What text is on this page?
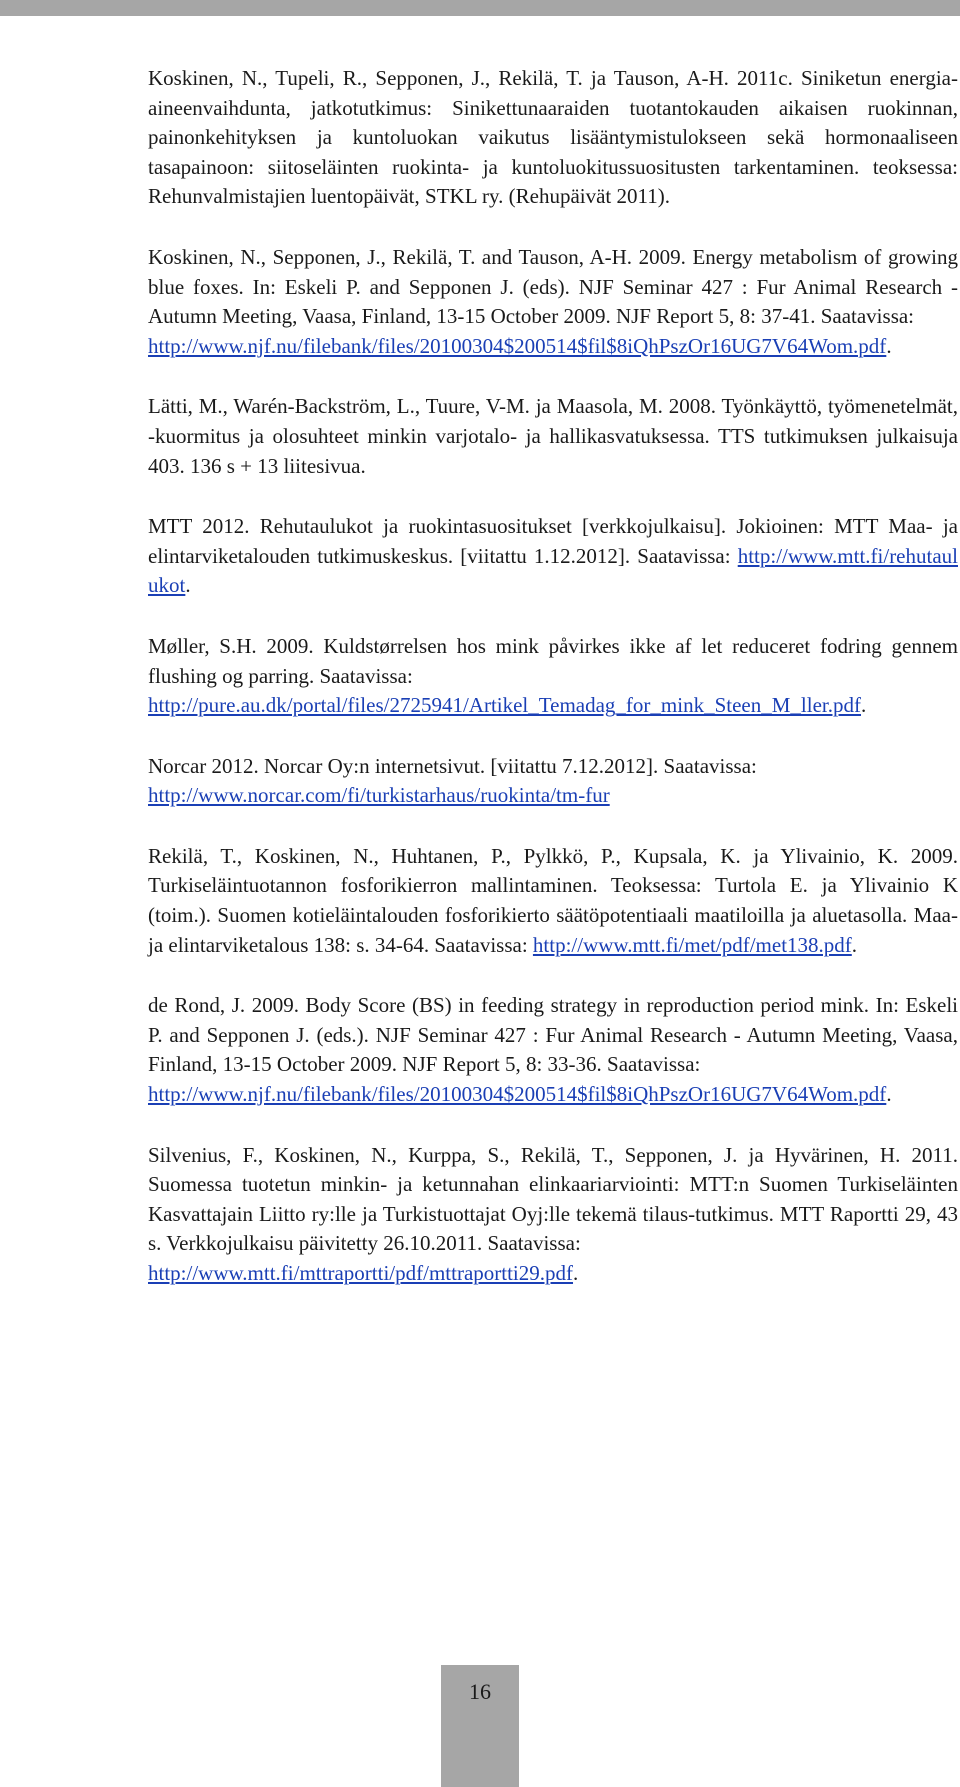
Koskinen, N., Tupeli, R., Sepponen, J., Rekilä, T. ja Tauson, A-H. 2011c. Siniketun energia-aineenvaihdunta, jatkotutkimus: Sinikettunaaraiden tuotantokauden aikaisen ruokinnan, painonkehityksen ja kuntoluokan vaikutus lisääntymistulokseen sekä hormonaaliseen tasapainoon: siitoseläinten ruokinta- ja kuntoluokitussuositusten tarkentaminen. teoksessa: Rehunvalmistajien luentopäivät, STKL ry. (Rehupäivät 2011).

Koskinen, N., Sepponen, J., Rekilä, T. and Tauson, A-H. 2009. Energy metabolism of growing blue foxes. In: Eskeli P. and Sepponen J. (eds). NJF Seminar 427 : Fur Animal Research - Autumn Meeting, Vaasa, Finland, 13-15 October 2009. NJF Report 5, 8: 37-41. Saatavissa:
http://www.njf.nu/filebank/files/20100304$200514$fil$8iQhPszOr16UG7V64Wom.pdf.

Lätti, M., Warén-Backström, L., Tuure, V-M. ja Maasola, M. 2008. Työnkäyttö, työmenetelmät, -kuormitus ja olosuhteet minkin varjotalo- ja hallikasvatuksessa. TTS tutkimuksen julkaisuja 403. 136 s + 13 liitesivua.

MTT 2012. Rehutaulukot ja ruokintasuositukset [verkkojulkaisu]. Jokioinen: MTT Maa- ja elintarviketalouden tutkimuskeskus. [viitattu 1.12.2012]. Saatavissa: http://www.mtt.fi/rehutaulukot.

Møller, S.H. 2009. Kuldstørrelsen hos mink påvirkes ikke af let reduceret fodring gennem flushing og parring. Saatavissa:
http://pure.au.dk/portal/files/2725941/Artikel_Temadag_for_mink_Steen_M_ller.pdf.

Norcar 2012. Norcar Oy:n internetsivut. [viitattu 7.12.2012]. Saatavissa:
http://www.norcar.com/fi/turkistarhaus/ruokinta/tm-fur

Rekilä, T., Koskinen, N., Huhtanen, P., Pylkkö, P., Kupsala, K. ja Ylivainio, K. 2009. Turkiseläintuotannon fosforikierron mallintaminen. Teoksessa: Turtola E. ja Ylivainio K (toim.). Suomen kotieläintalouden fosforikierto säätöpotentiaali maatiloilla ja aluetasolla. Maa- ja elintarviketalous 138: s. 34-64. Saatavissa: http://www.mtt.fi/met/pdf/met138.pdf.

de Rond, J. 2009. Body Score (BS) in feeding strategy in reproduction period mink. In: Eskeli P. and Sepponen J. (eds.). NJF Seminar 427 : Fur Animal Research - Autumn Meeting, Vaasa, Finland, 13-15 October 2009. NJF Report 5, 8: 33-36. Saatavissa:
http://www.njf.nu/filebank/files/20100304$200514$fil$8iQhPszOr16UG7V64Wom.pdf.

Silvenius, F., Koskinen, N., Kurppa, S., Rekilä, T., Sepponen, J. ja Hyvärinen, H. 2011. Suomessa tuotetun minkin- ja ketunnahan elinkaariarviointi: MTT:n Suomen Turkiseläinten Kasvattajain Liitto ry:lle ja Turkistuottajat Oyj:lle tekemä tilaus-tutkimus. MTT Raportti 29, 43 s. Verkkojulkaisu päivitetty 26.10.2011. Saatavissa:
http://www.mtt.fi/mttraportti/pdf/mttraportti29.pdf.

16
